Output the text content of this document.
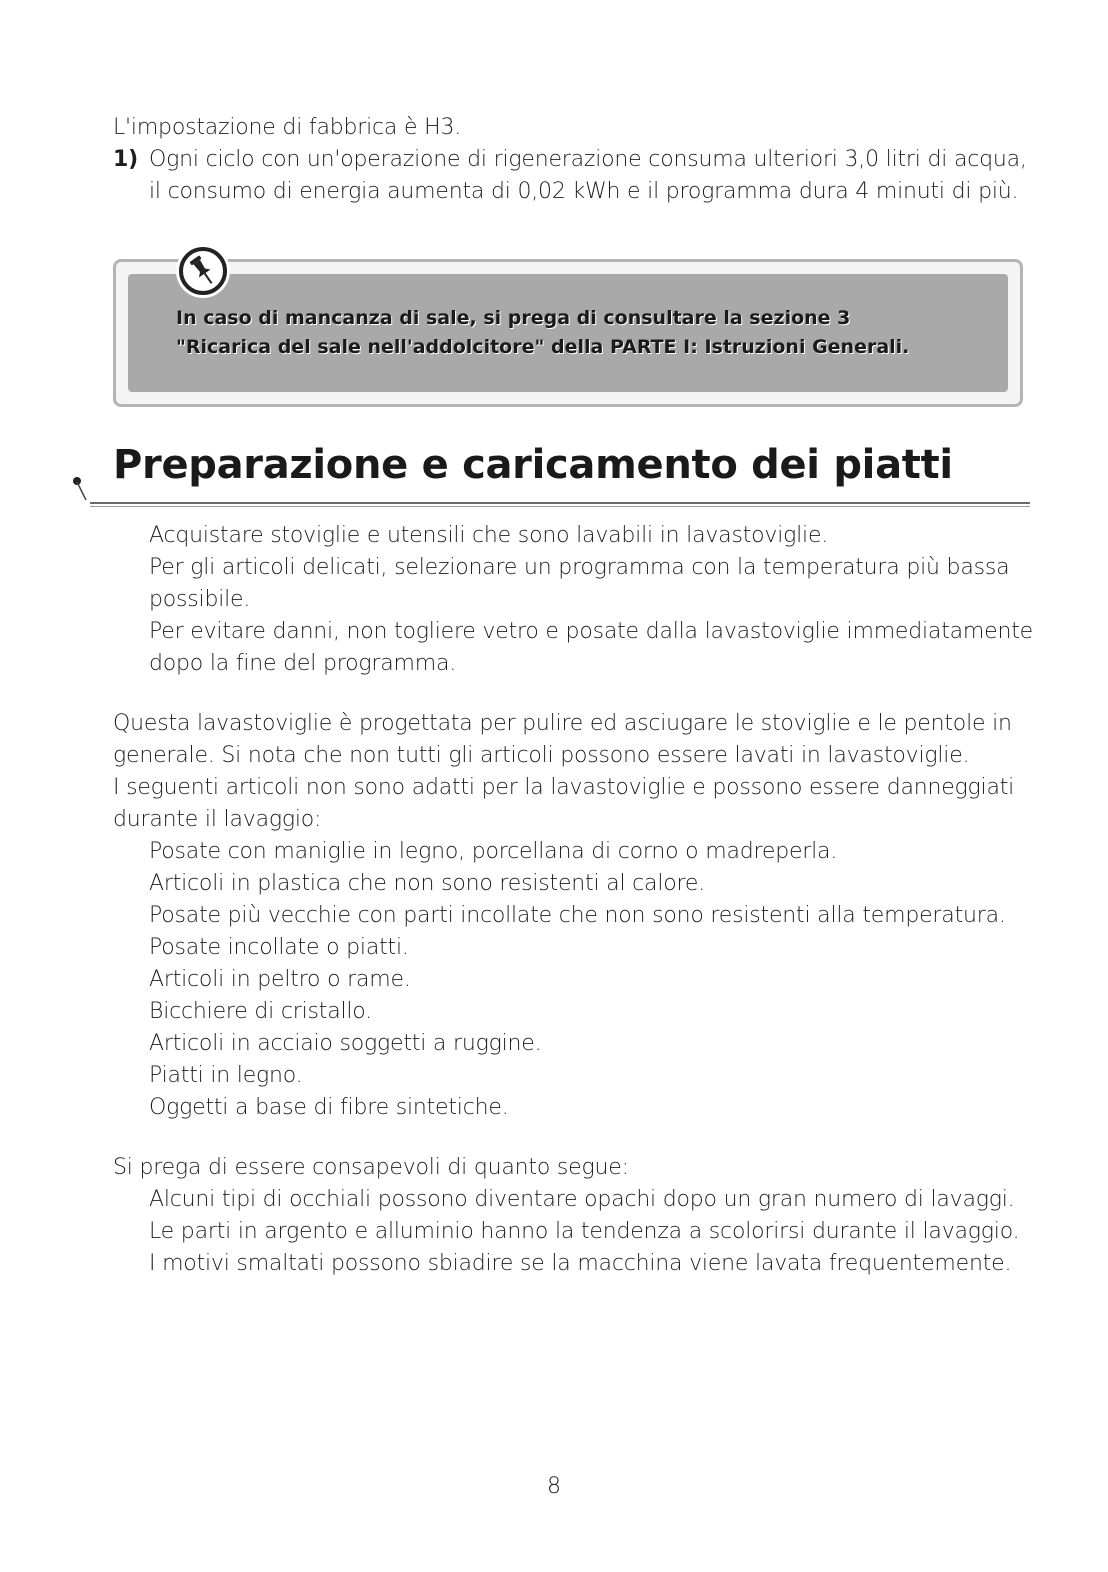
L'impostazione di fabbrica è H3.

1) Ogni ciclo con un'operazione di rigenerazione consuma ulteriori 3,0 litri di acqua, il consumo di energia aumenta di 0,02 kWh e il programma dura 4 minuti di più.

In caso di mancanza di sale, si prega di consultare la sezione 3

"Ricarica del sale nell'addolcitore" della PARTE I: Istruzioni Generali.

Preparazione e caricamento dei piatti

Acquistare stoviglie e utensili che sono lavabili in lavastoviglie.

Per gli articoli delicati, selezionare un programma con la temperatura più bassa possibile.

Per evitare danni, non togliere vetro e posate dalla lavastoviglie immediatamente dopo la fine del programma.

Questa lavastoviglie è progettata per pulire ed asciugare le stoviglie e le pentole in generale. Si nota che non tutti gli articoli possono essere lavati in lavastoviglie.

I seguenti articoli non sono adatti per la lavastoviglie e possono essere danneggiati durante il lavaggio:

Posate con maniglie in legno, porcellana di corno o madreperla.

Articoli in plastica che non sono resistenti al calore.

Posate più vecchie con parti incollate che non sono resistenti alla temperatura.

Posate incollate o piatti.

Articoli in peltro o rame.

Bicchiere di cristallo.

Articoli in acciaio soggetti a ruggine.

Piatti in legno.

Oggetti a base di fibre sintetiche.

Si prega di essere consapevoli di quanto segue:

Alcuni tipi di occhiali possono diventare opachi dopo un gran numero di lavaggi.

Le parti in argento e alluminio hanno la tendenza a scolorirsi durante il lavaggio.

I motivi smaltati possono sbiadire se la macchina viene lavata frequentemente.

8
